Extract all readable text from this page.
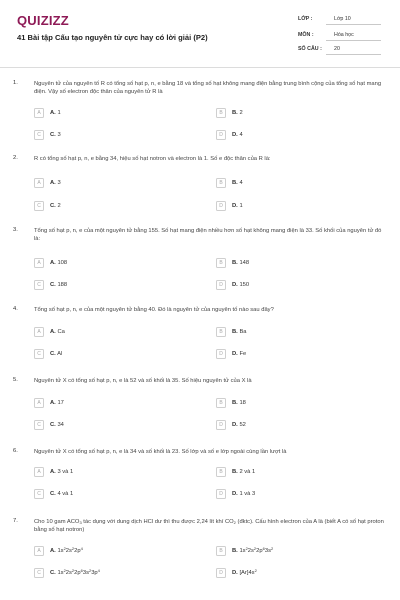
QUIZIZZ
41 Bài tập Cấu tạo nguyên tử cực hay có lời giải (P2)
LỚP :	Lớp 10
MÔN :	Hóa học
SỐ CÂU : 20
1.	Nguyên tử của nguyên tố R có tổng số hạt p, n, e bằng 18 và tổng số hạt không mang điện bằng trung bình cộng của tổng số hạt mang điện. Vậy số electron độc thân của nguyên tử R là
A	A. 1	B	B. 2
C	C. 3	D	D. 4
2.	R có tổng số hạt p, n, e bằng 34, hiệu số hạt notron và electron là 1. Số e độc thân của R là:
A	A. 3	B	B. 4
C	C. 2	D	D. 1
3.	Tổng số hạt p, n, e của một nguyên tử bằng 155. Số hạt mang điện nhiều hơn số hạt không mang điện là 33. Số khối của nguyên tử đó là:
A	A. 108	B	B. 148
C	C. 188	D	D. 150
4.	Tổng số hạt p, n, e của một nguyên tử bằng 40. Đó là nguyên tử của nguyên tố nào sau đây?
A	A. Ca	B	B. Ba
C	C. Al	D	D. Fe
5.	Nguyên tử X có tổng số hạt p, n, e là 52 và số khối là 35. Số hiệu nguyên tử của X là
A	A. 17	B	B. 18
C	C. 34	D	D. 52
6.	Nguyên tử X có tổng số hạt p, n, e là 34 và số khối là 23. Số lớp và số e lớp ngoài cùng lần lượt là
A	A. 3 và 1	B	B. 2 và 1
C	C. 4 và 1	D	D. 1 và 3
7.	Cho 10 gam $ACO_3$ tác dụng với dung dịch HCl dư thì thu được 2,24 lít khí $CO_2$ (đktc). Cấu hình electron của A là (biết A có số hạt proton bằng số hạt notron)
A	A. $1s^22s^22p^4$	B	B. $1s^22s^22p^63s^2$
C	C. $1s^22s^22p^63s^23p^4$	D	D. $[Ar]4s^2$
